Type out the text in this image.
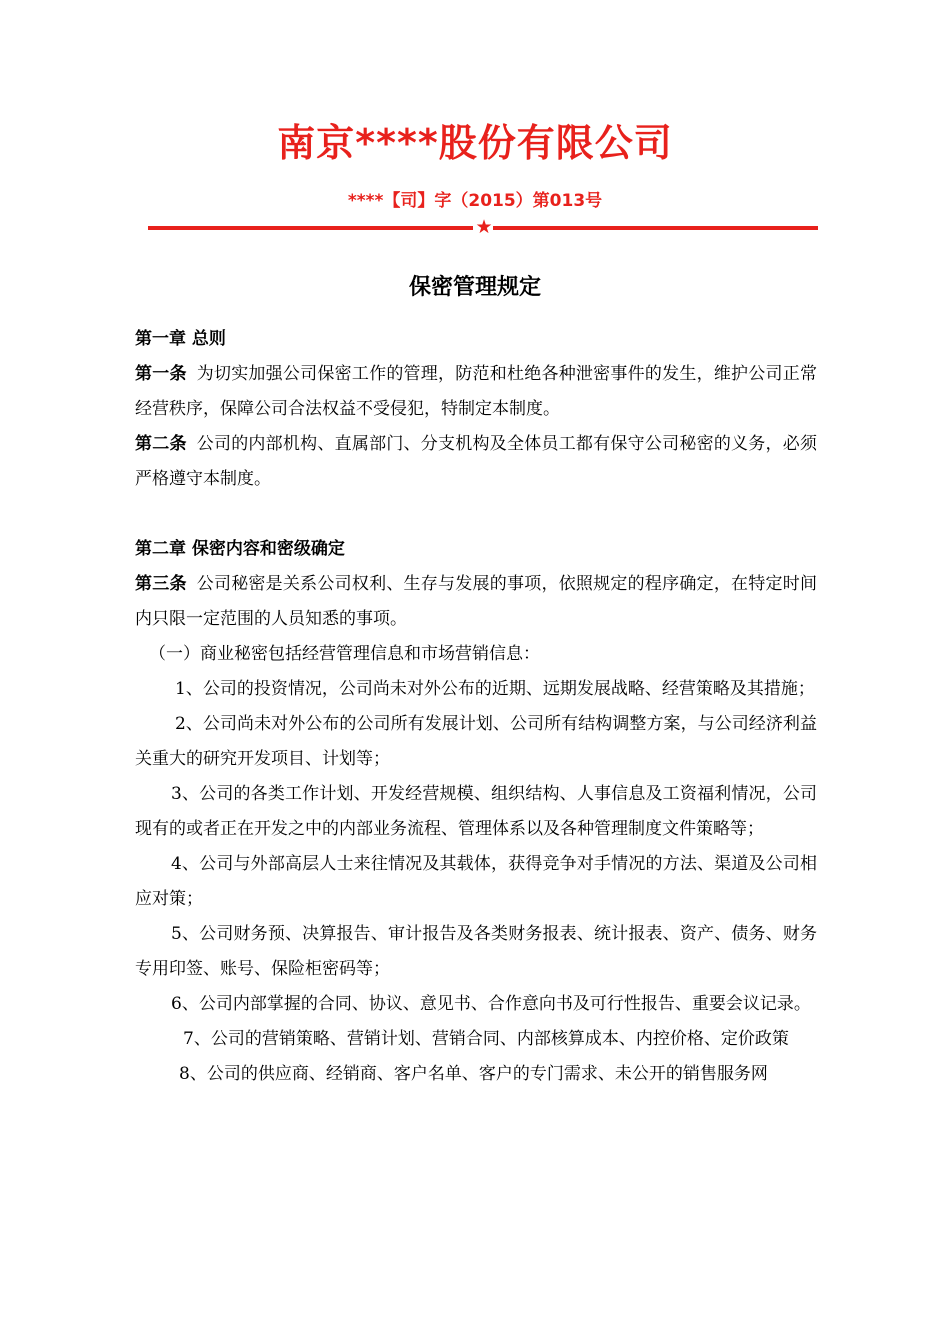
南京****股份有限公司
****【司】字（2015）第013号
★
保密管理规定

第一章 总则

第一条 为切实加强公司保密工作的管理，防范和杜绝各种泄密事件的发生，维护公司正常经营秩序，保障公司合法权益不受侵犯，特制定本制度。

第二条 公司的内部机构、直属部门、分支机构及全体员工都有保守公司秘密的义务，必须严格遵守本制度。

第二章 保密内容和密级确定

第三条 公司秘密是关系公司权利、生存与发展的事项，依照规定的程序确定，在特定时间内只限一定范围的人员知悉的事项。

（一）商业秘密包括经营管理信息和市场营销信息：

1、公司的投资情况，公司尚未对外公布的近期、远期发展战略、经营策略及其措施；

2、公司尚未对外公布的公司所有发展计划、公司所有结构调整方案，与公司经济利益关重大的研究开发项目、计划等；

3、公司的各类工作计划、开发经营规模、组织结构、人事信息及工资福利情况，公司现有的或者正在开发之中的内部业务流程、管理体系以及各种管理制度文件策略等；

4、公司与外部高层人士来往情况及其载体，获得竞争对手情况的方法、渠道及公司相应对策；

5、公司财务预、决算报告、审计报告及各类财务报表、统计报表、资产、债务、财务专用印签、账号、保险柜密码等；

6、公司内部掌握的合同、协议、意见书、合作意向书及可行性报告、重要会议记录。

7、公司的营销策略、营销计划、营销合同、内部核算成本、内控价格、定价政策

8、公司的供应商、经销商、客户名单、客户的专门需求、未公开的销售服务网
